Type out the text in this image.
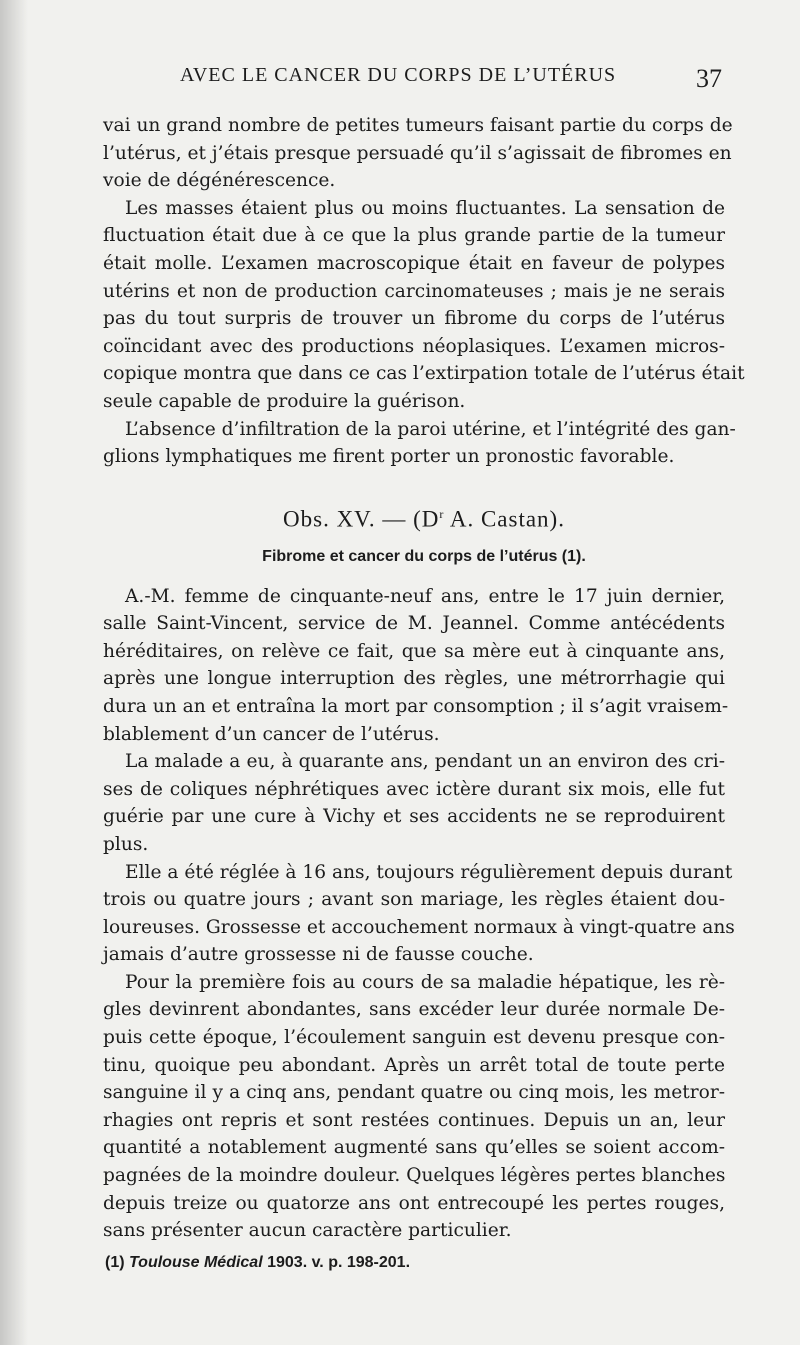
AVEC LE CANCER DU CORPS DE L’UTÉRUS	37
vai un grand nombre de petites tumeurs faisant partie du corps de
l’utérus, et j’étais presque persuadé qu’il s’agissait de fibromes en
voie de dégénérescence.
Les masses étaient plus ou moins fluctuantes. La sensation de
fluctuation était due à ce que la plus grande partie de la tumeur
était molle. L’examen macroscopique était en faveur de polypes
utérins et non de production carcinomateuses ; mais je ne serais
pas du tout surpris de trouver un fibrome du corps de l’utérus
coïncidant avec des productions néoplasiques. L’examen micros-
copique montra que dans ce cas l’extirpation totale de l’utérus était
seule capable de produire la guérison.
L’absence d’infiltration de la paroi utérine, et l’intégrité des gan-
glions lymphatiques me firent porter un pronostic favorable.
Obs. XV. — ($D^r$ A. Castan).
Fibrome et cancer du corps de l’utérus (1).
A.-M. femme de cinquante-neuf ans, entre le 17 juin dernier,
salle Saint-Vincent, service de M. Jeannel. Comme antécédents
héréditaires, on relève ce fait, que sa mère eut à cinquante ans,
après une longue interruption des règles, une métrorrhagie qui
dura un an et entraîna la mort par consomption ; il s’agit vraisem-
blablement d’un cancer de l’utérus.
La malade a eu, à quarante ans, pendant un an environ des cri-
ses de coliques néphrétiques avec ictère durant six mois, elle fut
guérie par une cure à Vichy et ses accidents ne se reproduirent
plus.
Elle a été réglée à 16 ans, toujours régulièrement depuis durant
trois ou quatre jours ; avant son mariage, les règles étaient dou-
loureuses. Grossesse et accouchement normaux à vingt-quatre ans
jamais d’autre grossesse ni de fausse couche.
Pour la première fois au cours de sa maladie hépatique, les rè-
gles devinrent abondantes, sans excéder leur durée normale De-
puis cette époque, l’écoulement sanguin est devenu presque con-
tinu, quoique peu abondant. Après un arrêt total de toute perte
sanguine il y a cinq ans, pendant quatre ou cinq mois, les metror-
rhagies ont repris et sont restées continues. Depuis un an, leur
quantité a notablement augmenté sans qu’elles se soient accom-
pagnées de la moindre douleur. Quelques légères pertes blanches
depuis treize ou quatorze ans ont entrecoupé les pertes rouges,
sans présenter aucun caractère particulier.
(1) Toulouse Médical 1903. v. p. 198-201.
